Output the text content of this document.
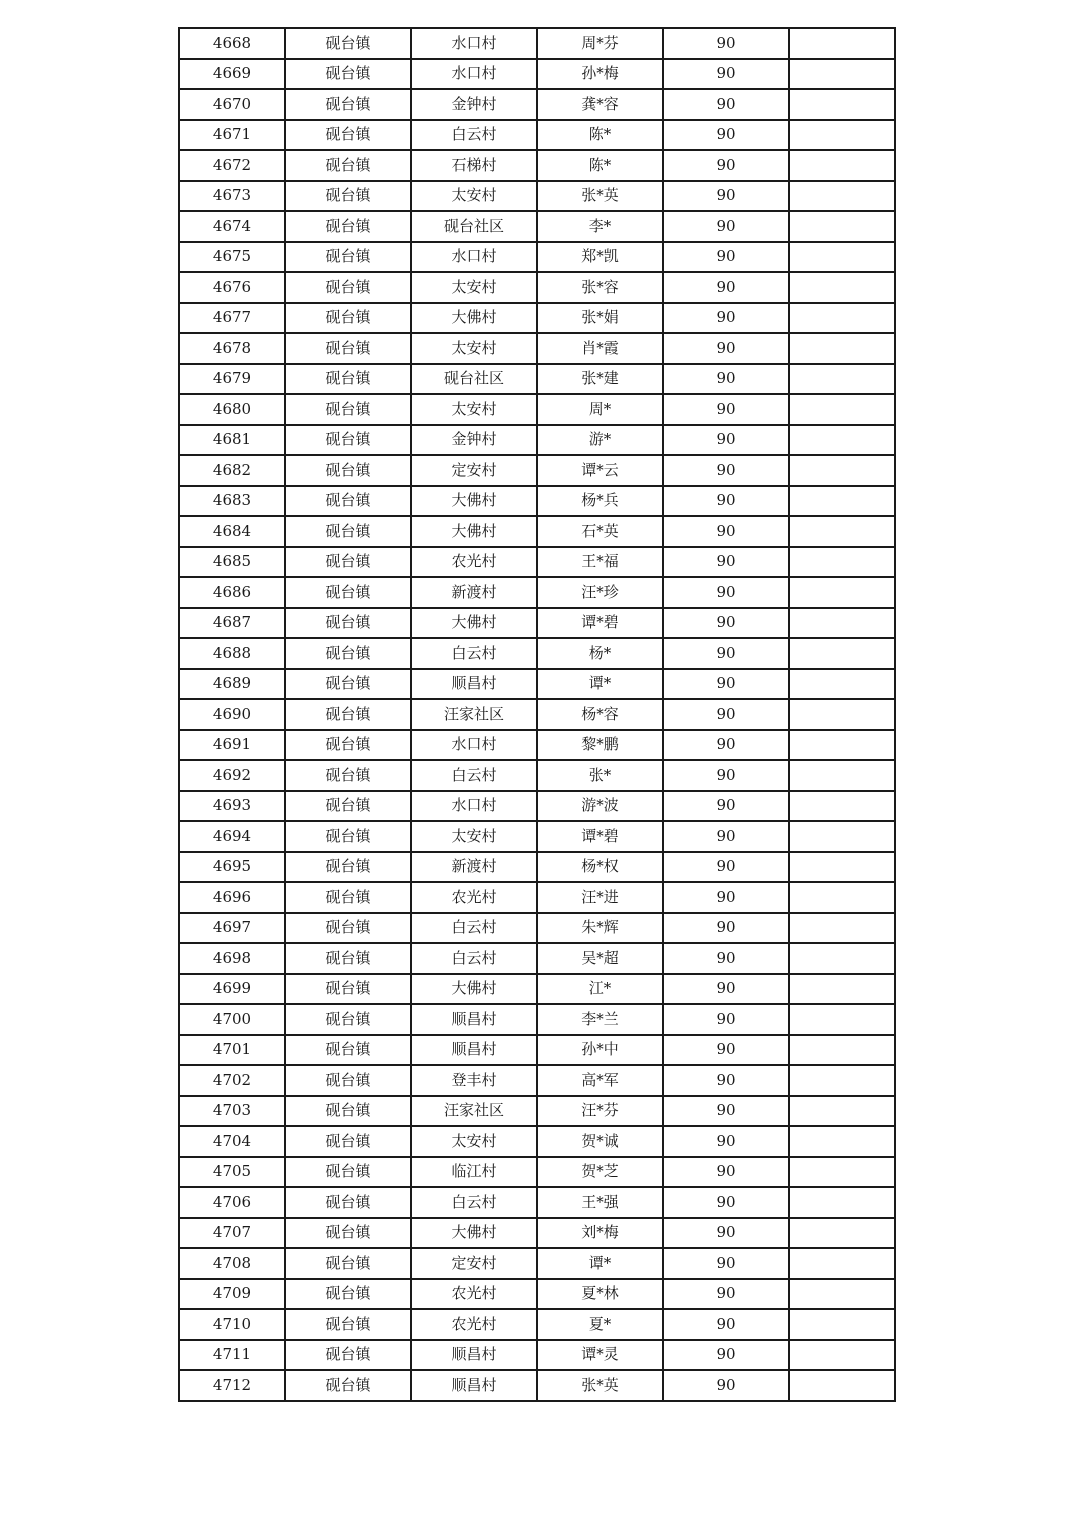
4668	砚台镇	水口村	周*芬	90	
4669	砚台镇	水口村	孙*梅	90	
4670	砚台镇	金钟村	龚*容	90	
4671	砚台镇	白云村	陈*	90	
4672	砚台镇	石梯村	陈*	90	
4673	砚台镇	太安村	张*英	90	
4674	砚台镇	砚台社区	李*	90	
4675	砚台镇	水口村	郑*凯	90	
4676	砚台镇	太安村	张*容	90	
4677	砚台镇	大佛村	张*娟	90	
4678	砚台镇	太安村	肖*霞	90	
4679	砚台镇	砚台社区	张*建	90	
4680	砚台镇	太安村	周*	90	
4681	砚台镇	金钟村	游*	90	
4682	砚台镇	定安村	谭*云	90	
4683	砚台镇	大佛村	杨*兵	90	
4684	砚台镇	大佛村	石*英	90	
4685	砚台镇	农光村	王*福	90	
4686	砚台镇	新渡村	汪*珍	90	
4687	砚台镇	大佛村	谭*碧	90	
4688	砚台镇	白云村	杨*	90	
4689	砚台镇	顺昌村	谭*	90	
4690	砚台镇	汪家社区	杨*容	90	
4691	砚台镇	水口村	黎*鹏	90	
4692	砚台镇	白云村	张*	90	
4693	砚台镇	水口村	游*波	90	
4694	砚台镇	太安村	谭*碧	90	
4695	砚台镇	新渡村	杨*权	90	
4696	砚台镇	农光村	汪*进	90	
4697	砚台镇	白云村	朱*辉	90	
4698	砚台镇	白云村	吴*超	90	
4699	砚台镇	大佛村	江*	90	
4700	砚台镇	顺昌村	李*兰	90	
4701	砚台镇	顺昌村	孙*中	90	
4702	砚台镇	登丰村	高*军	90	
4703	砚台镇	汪家社区	汪*芬	90	
4704	砚台镇	太安村	贺*诚	90	
4705	砚台镇	临江村	贺*芝	90	
4706	砚台镇	白云村	王*强	90	
4707	砚台镇	大佛村	刘*梅	90	
4708	砚台镇	定安村	谭*	90	
4709	砚台镇	农光村	夏*林	90	
4710	砚台镇	农光村	夏*	90	
4711	砚台镇	顺昌村	谭*灵	90	
4712	砚台镇	顺昌村	张*英	90	
